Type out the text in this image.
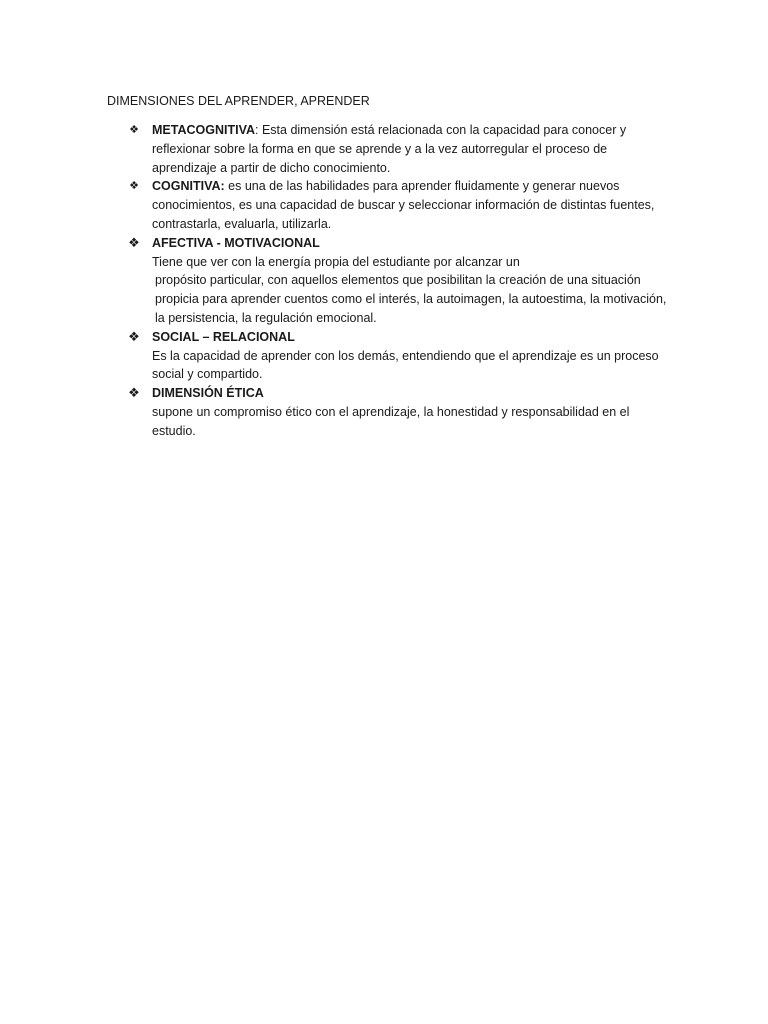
DIMENSIONES DEL APRENDER, APRENDER
❖ METACOGNITIVA: Esta dimensión está relacionada con la capacidad para conocer y reflexionar sobre la forma en que se aprende y a la vez autorregular el proceso de aprendizaje a partir de dicho conocimiento.
❖ COGNITIVA: es una de las habilidades para aprender fluidamente y generar nuevos conocimientos, es una capacidad de buscar y seleccionar información de distintas fuentes, contrastarla, evaluarla, utilizarla.
❖ AFECTIVA - MOTIVACIONAL
Tiene que ver con la energía propia del estudiante por alcanzar un
propósito particular, con aquellos elementos que posibilitan la creación de una situación propicia para aprender cuentos como el interés, la autoimagen, la autoestima, la motivación, la persistencia, la regulación emocional.
❖ SOCIAL – RELACIONAL
Es la capacidad de aprender con los demás, entendiendo que el aprendizaje es un proceso social y compartido.
❖ DIMENSIÓN ÉTICA
supone un compromiso ético con el aprendizaje, la honestidad y responsabilidad en el estudio.
